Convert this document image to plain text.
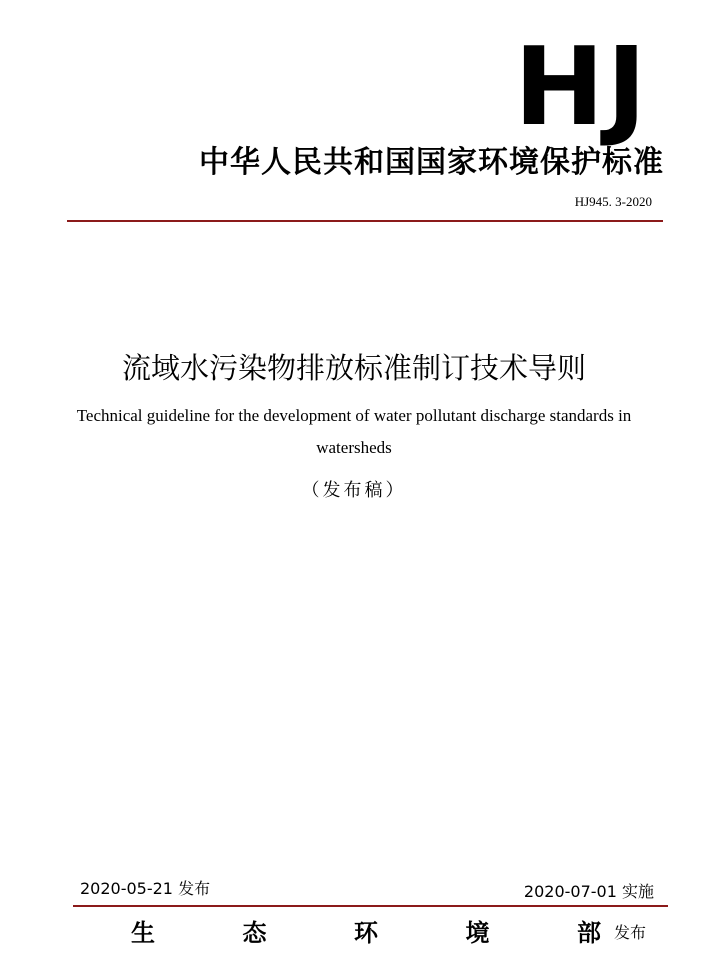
HJ
中华人民共和国国家环境保护标准
HJ945. 3-2020
流域水污染物排放标准制订技术导则
Technical guideline for the development of water pollutant discharge standards in watersheds
（发布稿）
2020-05-21 发布	2020-07-01 实施
生	态	环	境	部 发布
